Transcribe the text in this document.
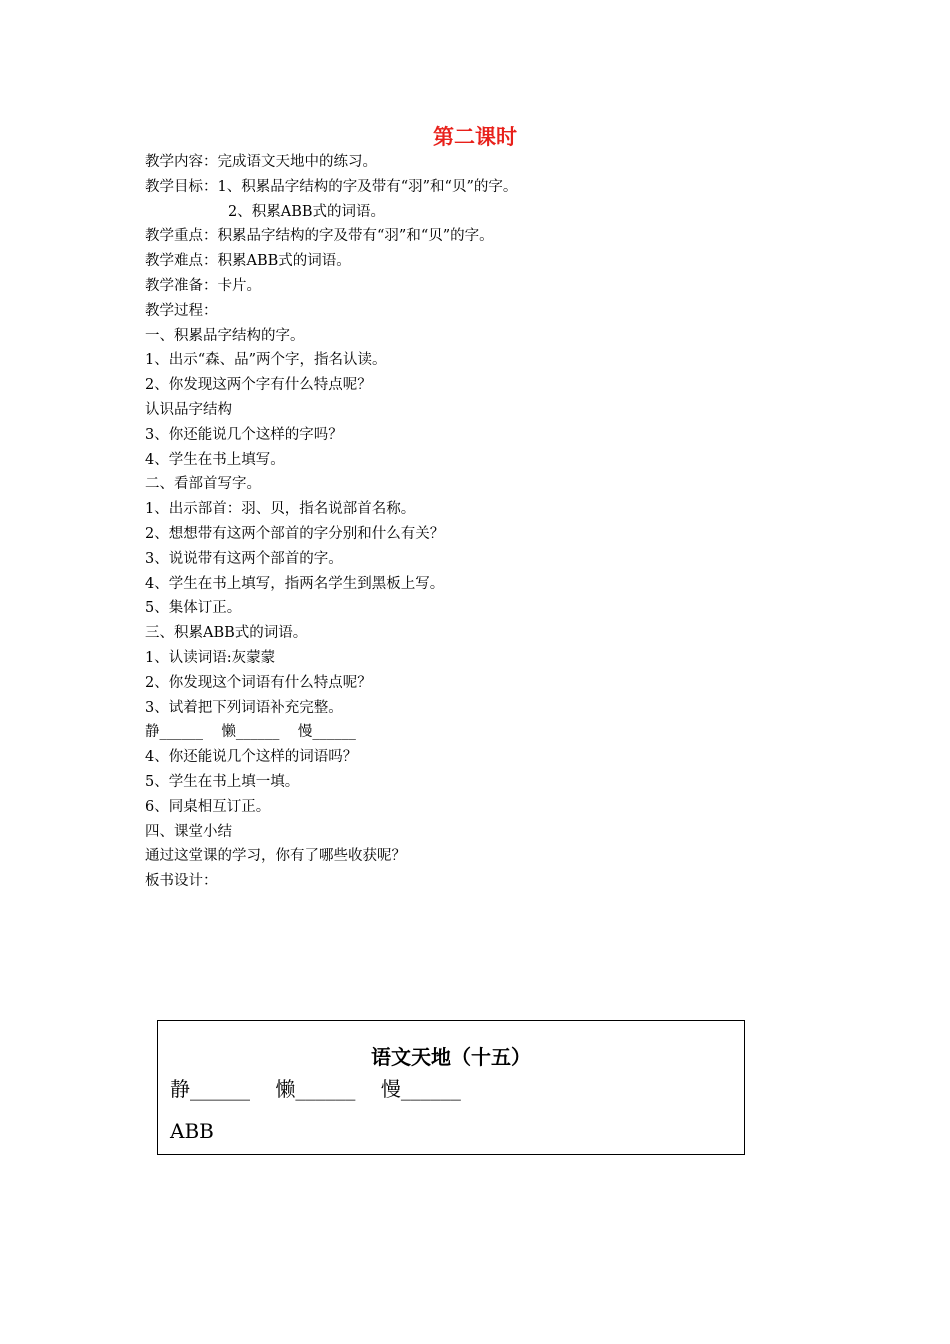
第二课时
教学内容：完成语文天地中的练习。
教学目标：1、积累品字结构的字及带有“羽”和“贝”的字。
2、积累ABB式的词语。
教学重点：积累品字结构的字及带有“羽”和“贝”的字。
教学难点：积累ABB式的词语。
教学准备：卡片。
教学过程：
一、积累品字结构的字。
1、出示“森、品”两个字，指名认读。
2、你发现这两个字有什么特点呢？
认识品字结构
3、你还能说几个这样的字吗？
4、学生在书上填写。
二、看部首写字。
1、出示部首：羽、贝，指名说部首名称。
2、想想带有这两个部首的字分别和什么有关？
3、说说带有这两个部首的字。
4、学生在书上填写，指两名学生到黑板上写。
5、集体订正。
三、积累ABB式的词语。
1、认读词语:灰蒙蒙
2、你发现这个词语有什么特点呢？
3、试着把下列词语补充完整。
静______    懒______    慢______
4、你还能说几个这样的词语吗？
5、学生在书上填一填。
6、同桌相互订正。
四、课堂小结
通过这堂课的学习，你有了哪些收获呢？
板书设计：
语文天地（十五）
静______    懒______    慢______
ABB
